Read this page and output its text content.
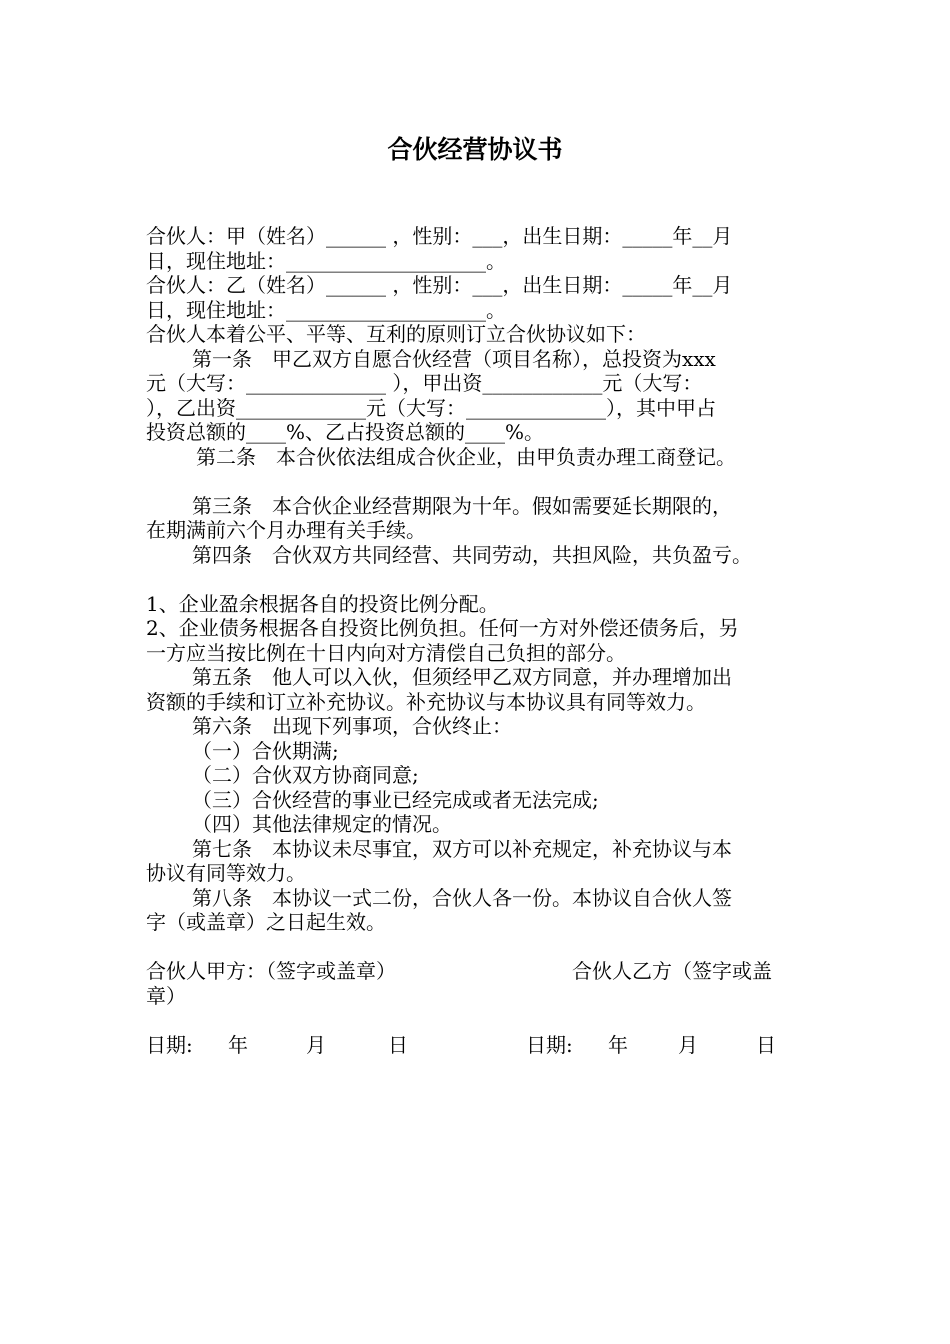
合伙经营协议书
合伙人：甲（姓名）______ ，性别：___，出生日期：_____年__月
日，现住地址：____________________。
合伙人：乙（姓名）______ ，性别：___，出生日期：_____年__月
日，现住地址：____________________。
合伙人本着公平、平等、互利的原则订立合伙协议如下：
第一条　甲乙双方自愿合伙经营（项目名称），总投资为xxx
元（大写：______________ ），甲出资____________元（大写：
），乙出资_____________元（大写：______________），其中甲占
投资总额的____%、乙占投资总额的____%。
第二条　本合伙依法组成合伙企业，由甲负责办理工商登记。
第三条　本合伙企业经营期限为十年。假如需要延长期限的，
在期满前六个月办理有关手续。
第四条　合伙双方共同经营、共同劳动，共担风险，共负盈亏。
1、企业盈余根据各自的投资比例分配。
2、企业债务根据各自投资比例负担。任何一方对外偿还债务后，另
一方应当按比例在十日内向对方清偿自己负担的部分。
第五条　他人可以入伙，但须经甲乙双方同意，并办理增加出
资额的手续和订立补充协议。补充协议与本协议具有同等效力。
第六条　出现下列事项，合伙终止：
（一）合伙期满;
（二）合伙双方协商同意;
（三）合伙经营的事业已经完成或者无法完成;
（四）其他法律规定的情况。
第七条　本协议未尽事宜，双方可以补充规定，补充协议与本
协议有同等效力。
第八条　本协议一式二份，合伙人各一份。本协议自合伙人签
字（或盖章）之日起生效。
合伙人甲方：（签字或盖章）	合伙人乙方（签字或盖
章）
日期:	年	月	日	日期:	年	月	日
